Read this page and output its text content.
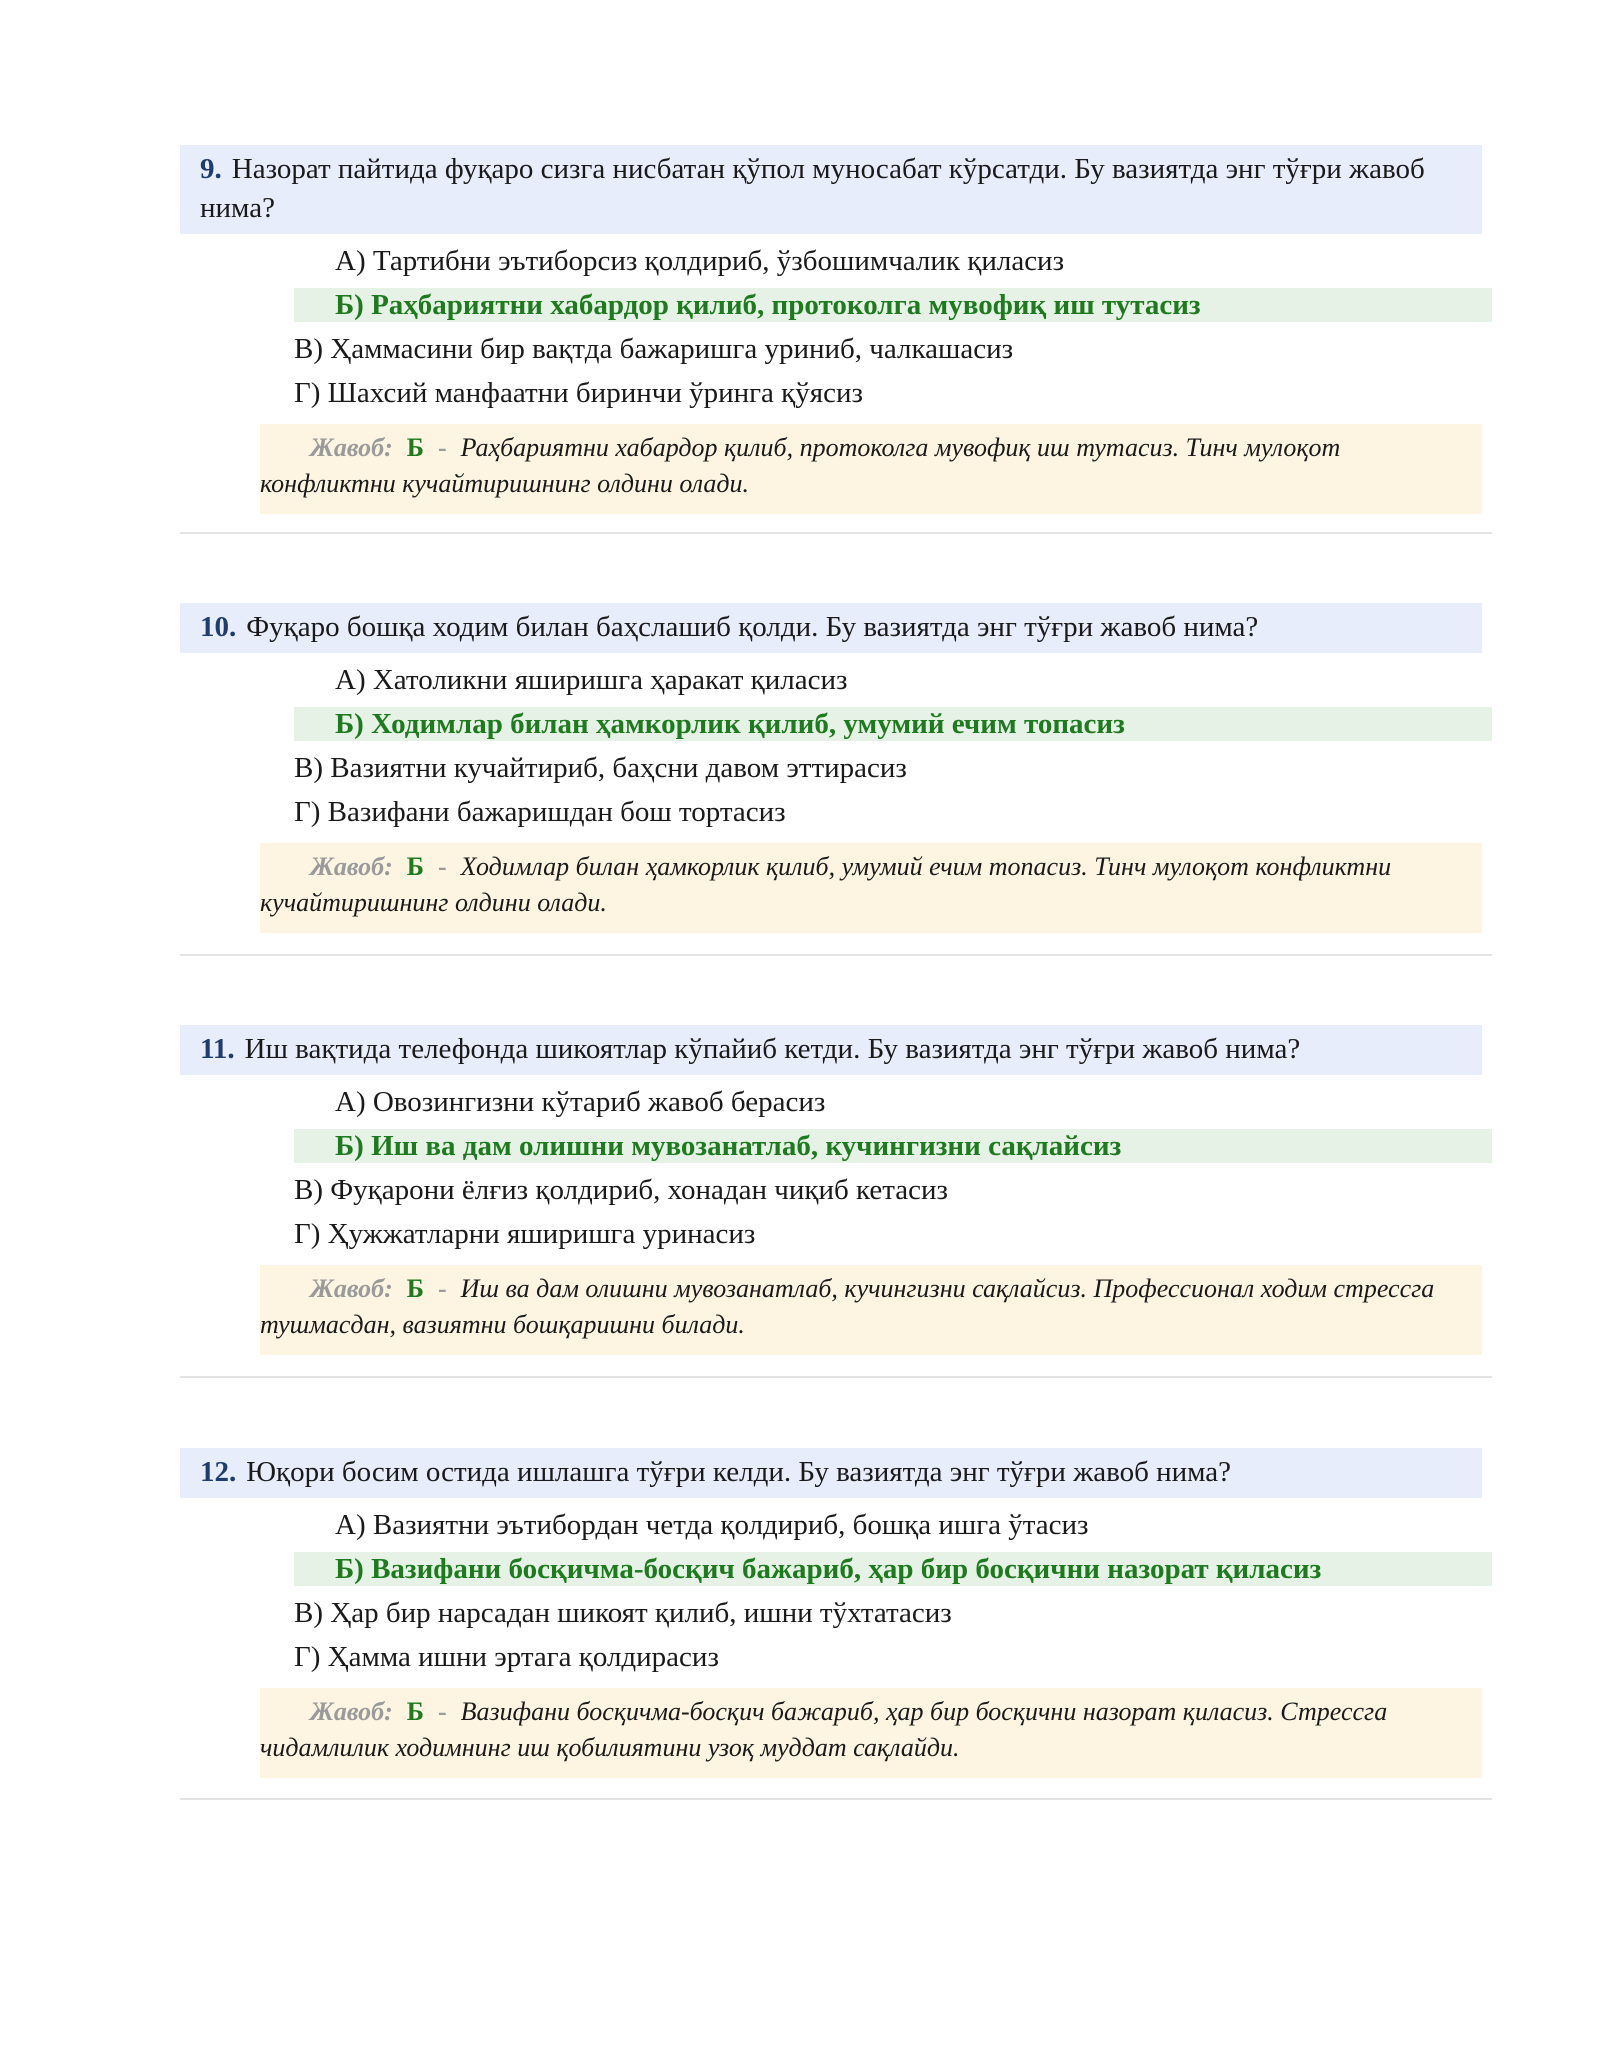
9. Назорат пайтида фуқаро сизга нисбатан қўпол муносабат кўрсатди. Бу вазиятда энг тўғри жавоб нима?
А) Тартибни эътиборсиз қолдириб, ўзбошимчалик қиласиз
Б) Раҳбариятни хабардор қилиб, протоколга мувофиқ иш тутасиз
В) Ҳаммасини бир вақтда бажаришга уриниб, чалкашасиз
Г) Шахсий манфаатни биринчи ўринга қўясиз
Жавоб: Б - Раҳбариятни хабардор қилиб, протоколга мувофиқ иш тутасиз. Тинч мулоқот конфликтни кучайтиришнинг олдини олади.
10. Фуқаро бошқа ходим билан баҳслашиб қолди. Бу вазиятда энг тўғри жавоб нима?
А) Хатоликни яширишга ҳаракат қиласиз
Б) Ходимлар билан ҳамкорлик қилиб, умумий ечим топасиз
В) Вазиятни кучайтириб, баҳсни давом эттирасиз
Г) Вазифани бажаришдан бош тортасиз
Жавоб: Б - Ходимлар билан ҳамкорлик қилиб, умумий ечим топасиз. Тинч мулоқот конфликтни кучайтиришнинг олдини олади.
11. Иш вақтида телефонда шикоятлар кўпайиб кетди. Бу вазиятда энг тўғри жавоб нима?
А) Овозингизни кўтариб жавоб берасиз
Б) Иш ва дам олишни мувозанатлаб, кучингизни сақлайсиз
В) Фуқарони ёлғиз қолдириб, хонадан чиқиб кетасиз
Г) Ҳужжатларни яширишга уринасиз
Жавоб: Б - Иш ва дам олишни мувозанатлаб, кучингизни сақлайсиз. Профессионал ходим стрессга тушмасдан, вазиятни бошқаришни билади.
12. Юқори босим остида ишлашга тўғри келди. Бу вазиятда энг тўғри жавоб нима?
А) Вазиятни эътибордан четда қолдириб, бошқа ишга ўтасиз
Б) Вазифани босқичма-босқич бажариб, ҳар бир босқични назорат қиласиз
В) Ҳар бир нарсадан шикоят қилиб, ишни тўхтатасиз
Г) Ҳамма ишни эртага қолдирасиз
Жавоб: Б - Вазифани босқичма-босқич бажариб, ҳар бир босқични назорат қиласиз. Стрессга чидамлилик ходимнинг иш қобилиятини узоқ муддат сақлайди.
